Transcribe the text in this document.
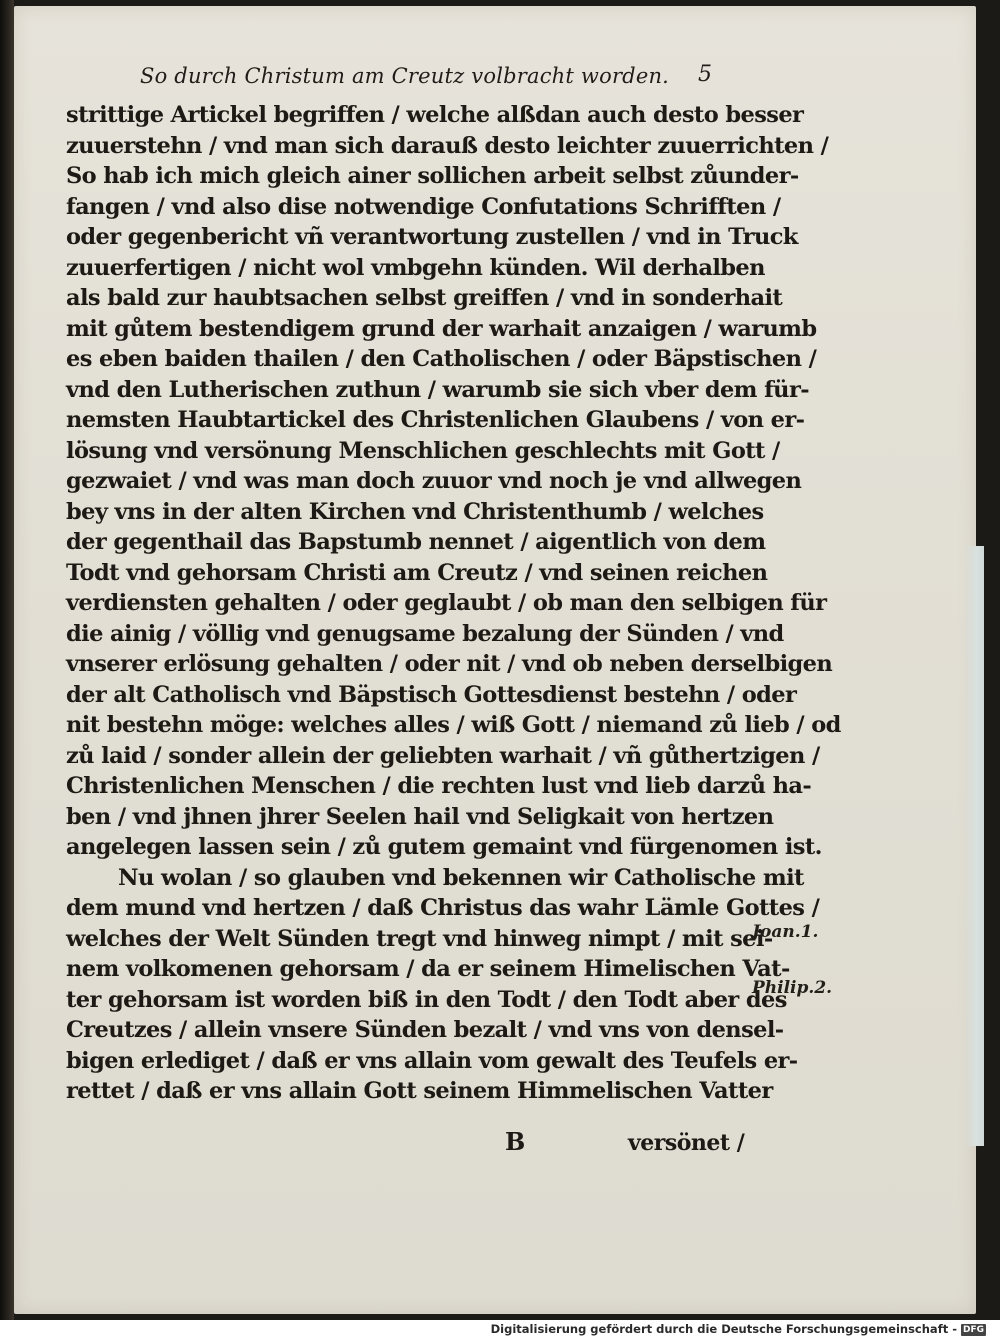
So durch Christum am Creutz volbracht worden.	5
strittige Artickel begriffen / welche alßdan auch desto besser
zuuerstehn / vnd man sich darauß desto leichter zuuerrichten /
So hab ich mich gleich ainer sollichen arbeit selbst zůunder-
fangen / vnd also dise notwendige Confutations Schrifften /
oder gegenbericht vñ verantwortung zustellen / vnd in Truck
zuuerfertigen / nicht wol vmbgehn künden. Wil derhalben
als bald zur haubtsachen selbst greiffen / vnd in sonderhait
mit gůtem bestendigem grund der warhait anzaigen / warumb
es eben baiden thailen / den Catholischen / oder Bäpstischen /
vnd den Lutherischen zuthun / warumb sie sich vber dem für-
nemsten Haubtartickel des Christenlichen Glaubens / von er-
lösung vnd versönung Menschlichen geschlechts mit Gott /
gezwaiet / vnd was man doch zuuor vnd noch je vnd allwegen
bey vns in der alten Kirchen vnd Christenthumb / welches
der gegenthail das Bapstumb nennet / aigentlich von dem
Todt vnd gehorsam Christi am Creutz / vnd seinen reichen
verdiensten gehalten / oder geglaubt / ob man den selbigen für
die ainig / völlig vnd genugsame bezalung der Sünden / vnd
vnserer erlösung gehalten / oder nit / vnd ob neben derselbigen
der alt Catholisch vnd Bäpstisch Gottesdienst bestehn / oder
nit bestehn möge: welches alles / wiß Gott / niemand zů lieb / od
zů laid / sonder allein der geliebten warhait / vñ gůthertzigen /
Christenlichen Menschen / die rechten lust vnd lieb darzů ha-
ben / vnd jhnen jhrer Seelen hail vnd Seligkait von hertzen
angelegen lassen sein / zů gutem gemaint vnd fürgenomen ist.
Nu wolan / so glauben vnd bekennen wir Catholische mit
dem mund vnd hertzen / daß Christus das wahr Lämle Gottes /
welches der Welt Sünden tregt vnd hinweg nimpt / mit sei-
nem volkomenen gehorsam / da er seinem Himelischen Vat-
ter gehorsam ist worden biß in den Todt / den Todt aber des
Creutzes / allein vnsere Sünden bezalt / vnd vns von densel-
bigen erlediget / daß er vns allain vom gewalt des Teufels er-
rettet / daß er vns allain Gott seinem Himmelischen Vatter
Joan.1.
Philip.2.
B	versönet /
Digitalisierung gefördert durch die Deutsche Forschungsgemeinschaft - DFG
